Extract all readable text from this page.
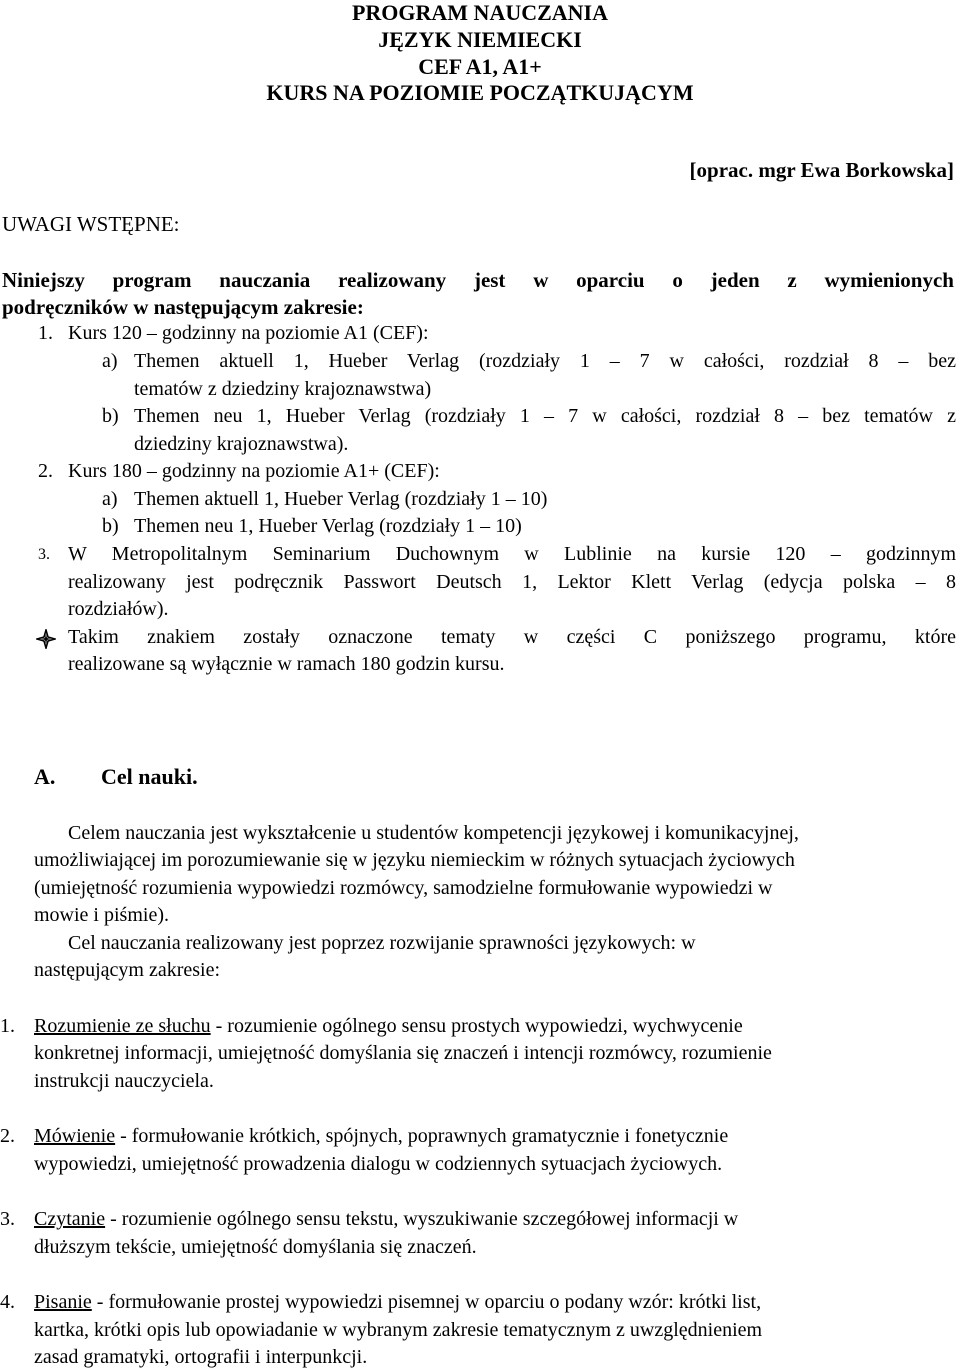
PROGRAM NAUCZANIA
JĘZYK NIEMIECKI
CEF A1, A1+
KURS NA POZIOMIE POCZĄTKUJĄCYM
[oprac. mgr Ewa Borkowska]
UWAGI WSTĘPNE:
Niniejszy program nauczania realizowany jest w oparciu o jeden z wymienionych
podręczników w następującym zakresie:
1. Kurs 120 – godzinny na poziomie A1 (CEF):
a) Themen aktuell 1, Hueber Verlag (rozdziały 1 – 7 w całości, rozdział 8 – bez
tematów z dziedziny krajoznawstwa)
b) Themen neu 1, Hueber Verlag (rozdziały 1 – 7 w całości, rozdział 8 – bez tematów z
dziedziny krajoznawstwa).
2. Kurs 180 – godzinny na poziomie A1+ (CEF):
a) Themen aktuell 1, Hueber Verlag (rozdziały 1 – 10)
b) Themen neu 1, Hueber Verlag (rozdziały 1 – 10)
3. W Metropolitalnym Seminarium Duchownym w Lublinie na kursie 120 – godzinnym
realizowany jest podręcznik Passwort Deutsch 1, Lektor Klett Verlag (edycja polska – 8
rozdziałów).
Takim znakiem zostały oznaczone tematy w części C poniższego programu, które
realizowane są wyłącznie w ramach 180 godzin kursu.
A. Cel nauki.
Celem nauczania jest wykształcenie u studentów kompetencji językowej i komunikacyjnej,
umożliwiającej im porozumiewanie się w języku niemieckim w różnych sytuacjach życiowych
(umiejętność rozumienia wypowiedzi rozmówcy, samodzielne formułowanie wypowiedzi w
mowie i piśmie).
Cel nauczania realizowany jest poprzez rozwijanie sprawności językowych: w
następującym zakresie:
1. Rozumienie ze słuchu - rozumienie ogólnego sensu prostych wypowiedzi, wychwycenie
konkretnej informacji, umiejętność domyślania się znaczeń i intencji rozmówcy, rozumienie
instrukcji nauczyciela.
2. Mówienie - formułowanie krótkich, spójnych, poprawnych gramatycznie i fonetycznie
wypowiedzi, umiejętność prowadzenia dialogu w codziennych sytuacjach życiowych.
3. Czytanie - rozumienie ogólnego sensu tekstu, wyszukiwanie szczegółowej informacji w
dłuższym tekście, umiejętność domyślania się znaczeń.
4. Pisanie - formułowanie prostej wypowiedzi pisemnej w oparciu o podany wzór: krótki list,
kartka, krótki opis lub opowiadanie w wybranym zakresie tematycznym z uwzględnieniem
zasad gramatyki, ortografii i interpunkcji.
